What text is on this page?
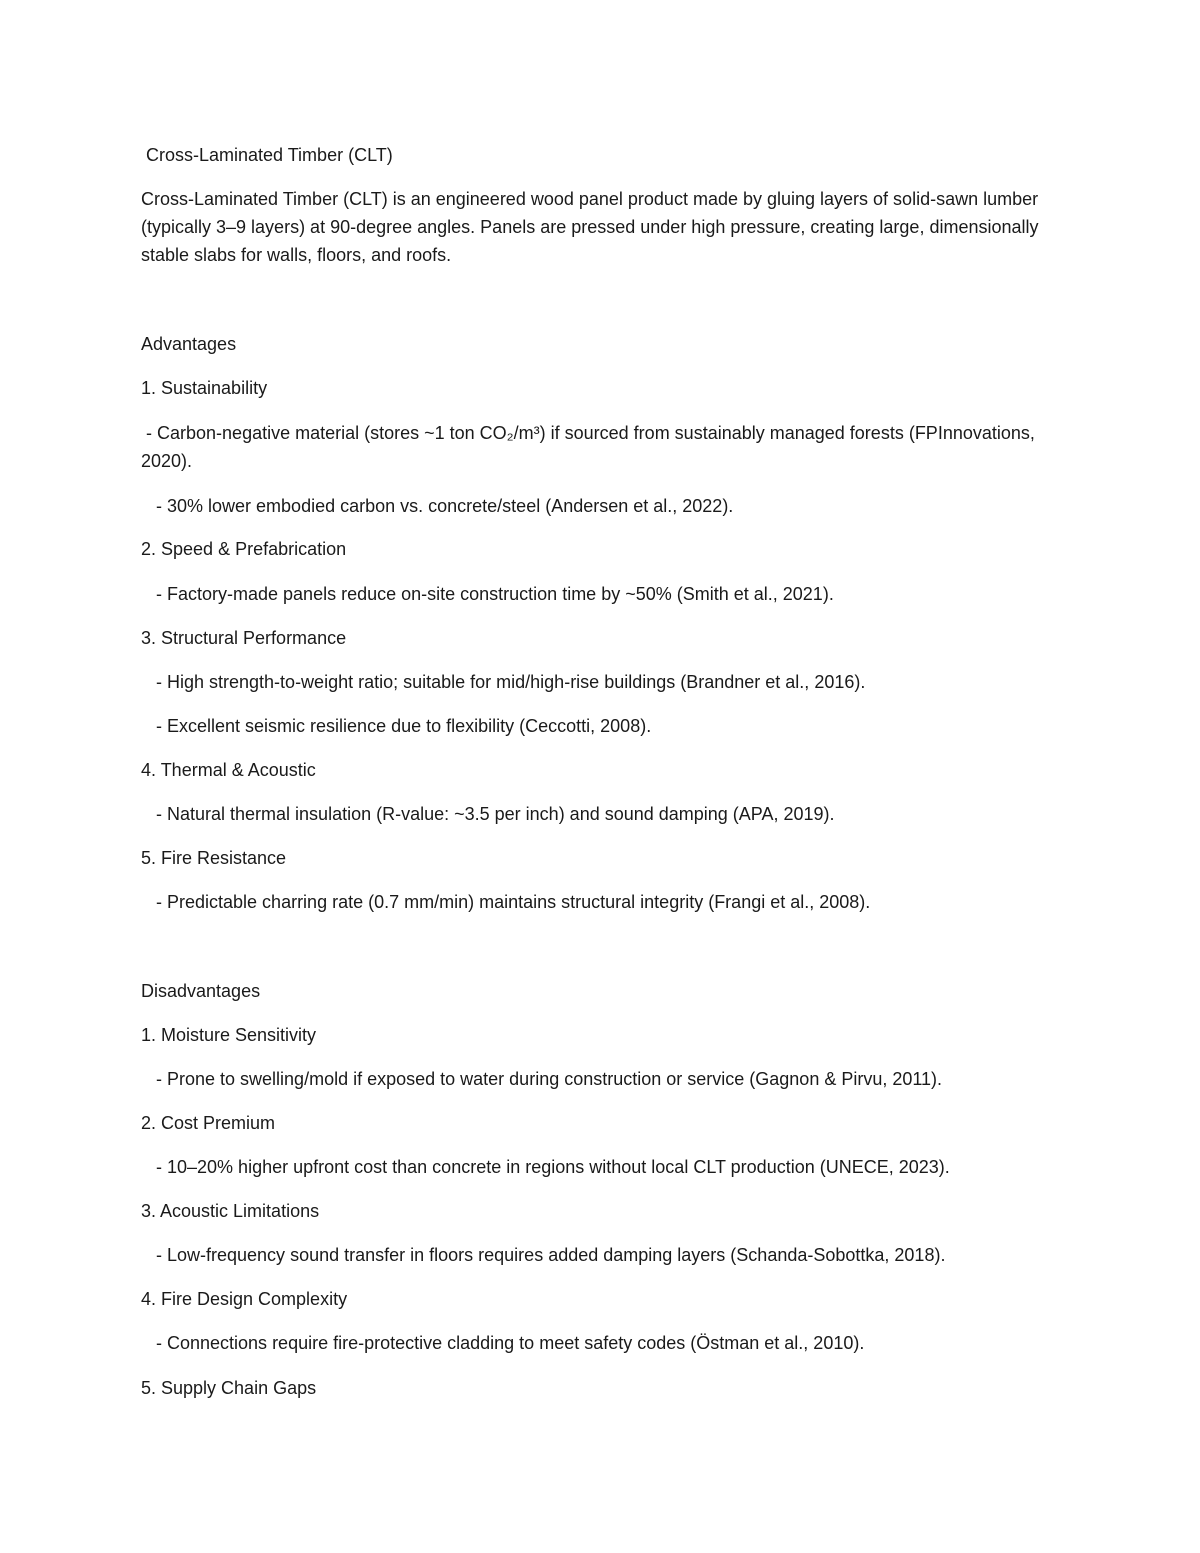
Cross-Laminated Timber (CLT)
Cross-Laminated Timber (CLT) is an engineered wood panel product made by gluing layers of solid-sawn lumber (typically 3–9 layers) at 90-degree angles. Panels are pressed under high pressure, creating large, dimensionally stable slabs for walls, floors, and roofs.
Advantages
1. Sustainability
- Carbon-negative material (stores ~1 ton CO₂/m³) if sourced from sustainably managed forests (FPInnovations, 2020).
- 30% lower embodied carbon vs. concrete/steel (Andersen et al., 2022).
2. Speed & Prefabrication
- Factory-made panels reduce on-site construction time by ~50% (Smith et al., 2021).
3. Structural Performance
- High strength-to-weight ratio; suitable for mid/high-rise buildings (Brandner et al., 2016).
- Excellent seismic resilience due to flexibility (Ceccotti, 2008).
4. Thermal & Acoustic
- Natural thermal insulation (R-value: ~3.5 per inch) and sound damping (APA, 2019).
5. Fire Resistance
- Predictable charring rate (0.7 mm/min) maintains structural integrity (Frangi et al., 2008).
Disadvantages
1. Moisture Sensitivity
- Prone to swelling/mold if exposed to water during construction or service (Gagnon & Pirvu, 2011).
2. Cost Premium
- 10–20% higher upfront cost than concrete in regions without local CLT production (UNECE, 2023).
3. Acoustic Limitations
- Low-frequency sound transfer in floors requires added damping layers (Schanda-Sobottka, 2018).
4. Fire Design Complexity
- Connections require fire-protective cladding to meet safety codes (Östman et al., 2010).
5. Supply Chain Gaps
